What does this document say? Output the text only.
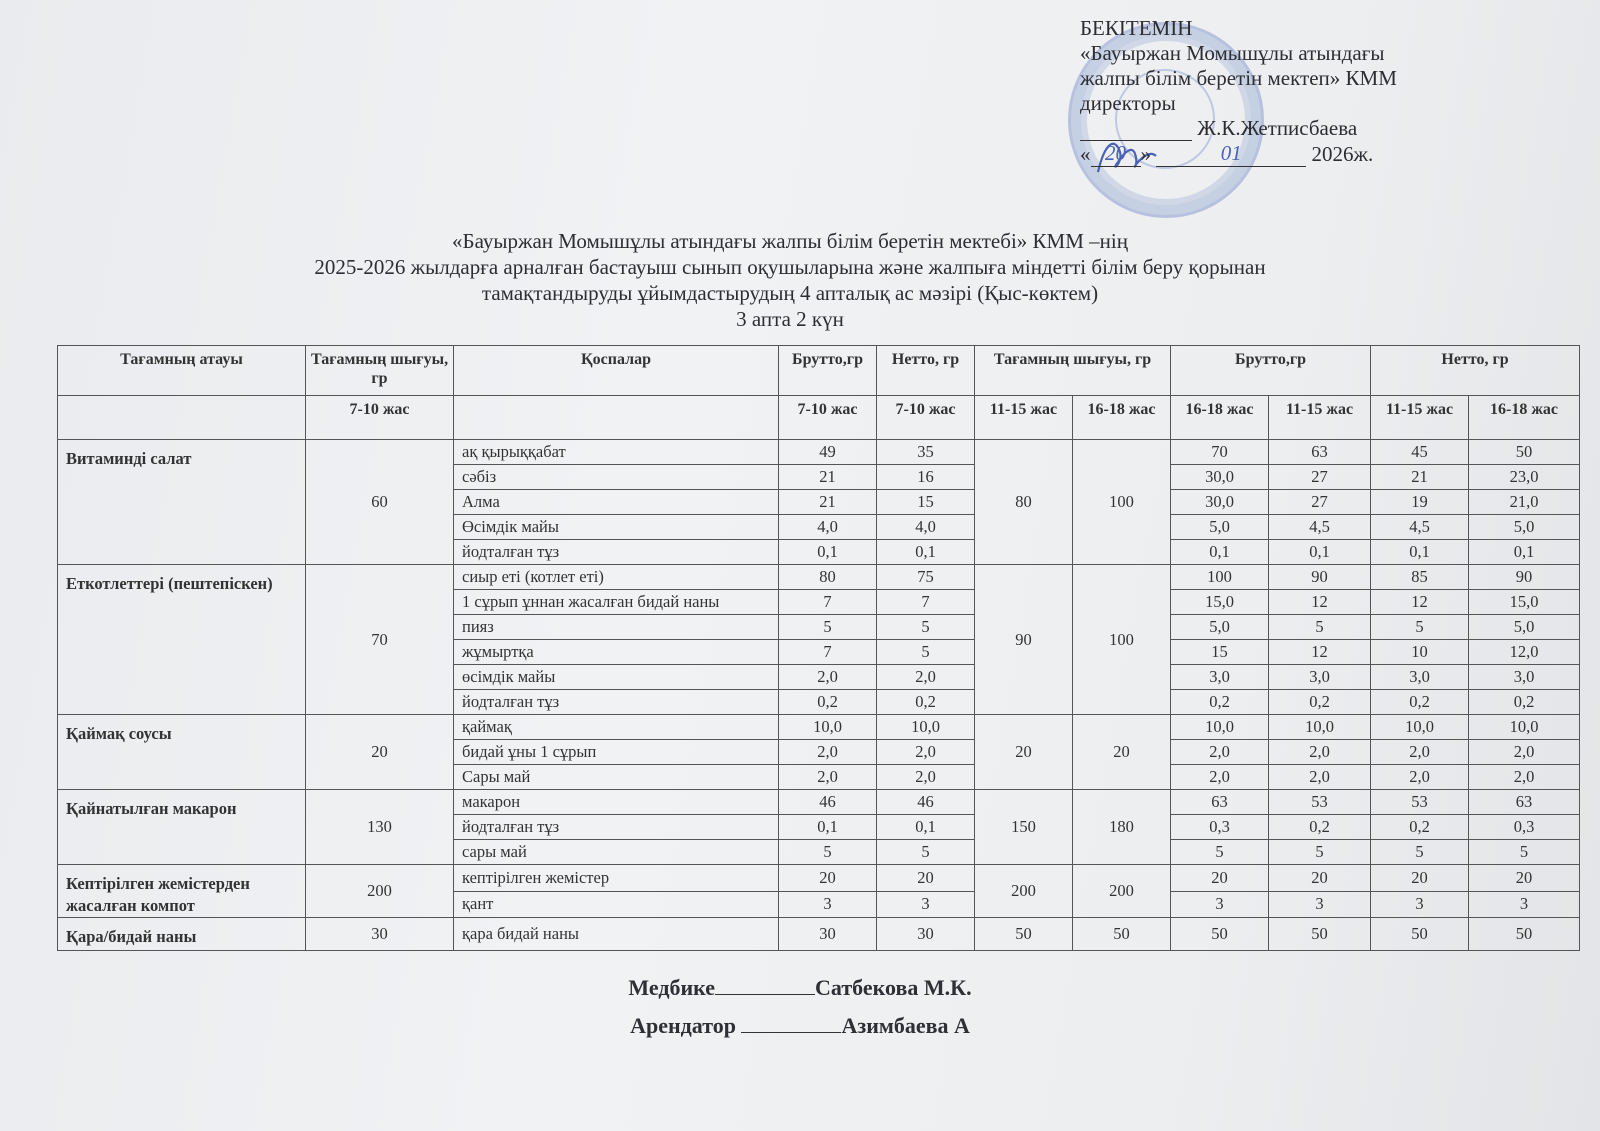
БЕКІТЕМІН
«Бауыржан Момышұлы атындағы
жалпы білім беретін мектеп» КММ
директоры
Ж.К.Жетписбаева
« 20 »	01	2026ж.
«Бауыржан Момышұлы атындағы жалпы білім беретін мектебі» КММ –нің
2025-2026 жылдарға арналған бастауыш сынып оқушыларына және жалпыға міндетті білім беру қорынан
тамақтандыруды ұйымдастырудың 4 апталық ас мәзірі (Қыс-көктем)
3 апта 2 күн
Тағамның атауы	Тағамның шығуы, гр	Қоспалар	Брутто,гр	Нетто, гр	Тағамның шығуы, гр		Брутто,гр		Нетто, гр	
	7-10 жас		7-10 жас	7-10 жас	11-15 жас	16-18 жас	16-18 жас	11-15 жас	11-15 жас	16-18 жас
Витаминді салат	60	ақ қырыққабат	49	35	80	100	70	63	45	50
		сәбіз	21	16			30,0	27	21	23,0
		Алма	21	15			30,0	27	19	21,0
		Өсімдік майы	4,0	4,0			5,0	4,5	4,5	5,0
		йодталған тұз	0,1	0,1			0,1	0,1	0,1	0,1
Еткотлеттері (пештепіскен)	70	сиыр еті (котлет еті)	80	75	90	100	100	90	85	90
		1 сұрып ұннан жасалған бидай наны	7	7			15,0	12	12	15,0
		пияз	5	5			5,0	5	5	5,0
		жұмыртқа	7	5			15	12	10	12,0
		өсімдік майы	2,0	2,0			3,0	3,0	3,0	3,0
		йодталған тұз	0,2	0,2			0,2	0,2	0,2	0,2
Қаймақ соусы	20	қаймақ	10,0	10,0	20	20	10,0	10,0	10,0	10,0
		бидай ұны 1 сұрып	2,0	2,0			2,0	2,0	2,0	2,0
		Сары май	2,0	2,0			2,0	2,0	2,0	2,0
Қайнатылған макарон	130	макарон	46	46	150	180	63	53	53	63
		йодталған тұз	0,1	0,1			0,3	0,2	0,2	0,3
		сары май	5	5			5	5	5	5
Кептірілген жемістерден жасалған компот	200	кептірілген жемістер	20	20	200	200	20	20	20	20
		қант	3	3			3	3	3	3
Қара/бидай наны	30	қара бидай наны	30	30	50	50	50	50	50	50
Медбике	Сатбекова М.К.
Арендатор	Азимбаева А
